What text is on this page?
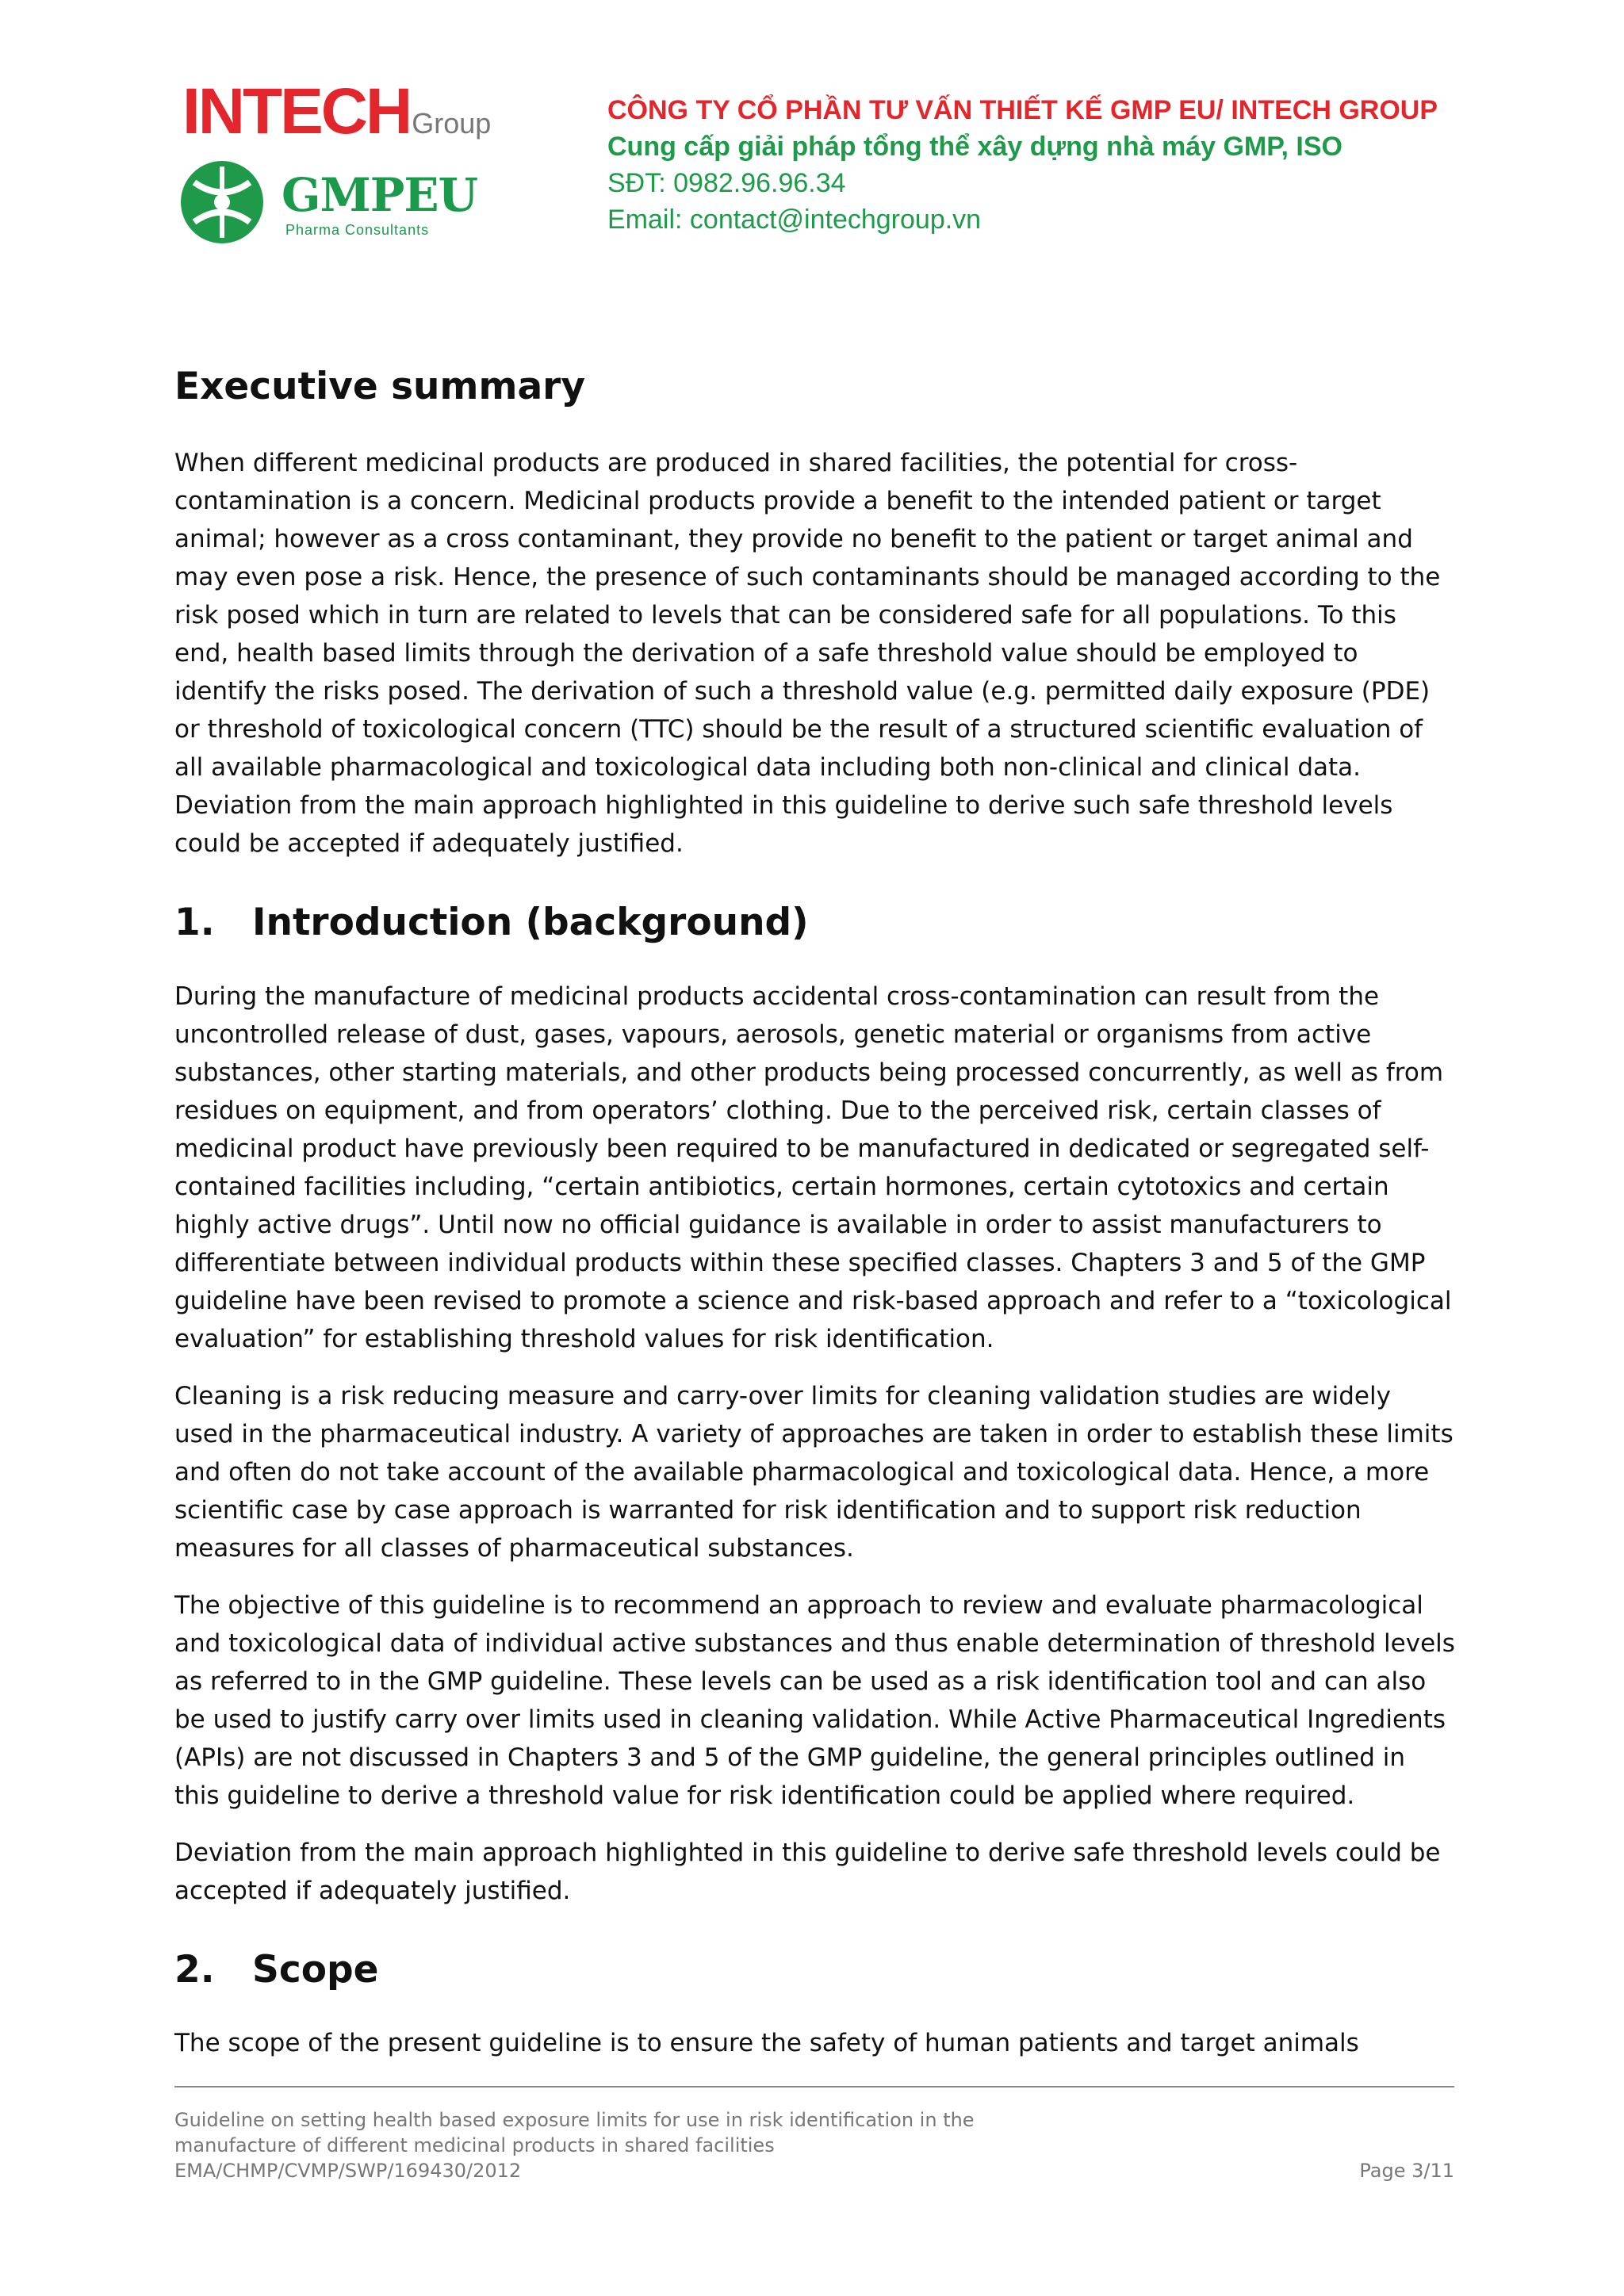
INTECHGroup
GMPEU
Pharma Consultants
CÔNG TY CỔ PHẦN TƯ VẤN THIẾT KẾ GMP EU/ INTECH GROUP
Cung cấp giải pháp tổng thể xây dựng nhà máy GMP, ISO
SĐT: 0982.96.96.34
Email: contact@intechgroup.vn
Executive summary

When different medicinal products are produced in shared facilities, the potential for cross-contamination is a concern. Medicinal products provide a benefit to the intended patient or target animal; however as a cross contaminant, they provide no benefit to the patient or target animal and may even pose a risk. Hence, the presence of such contaminants should be managed according to the risk posed which in turn are related to levels that can be considered safe for all populations. To this end, health based limits through the derivation of a safe threshold value should be employed to identify the risks posed. The derivation of such a threshold value (e.g. permitted daily exposure (PDE) or threshold of toxicological concern (TTC) should be the result of a structured scientific evaluation of all available pharmacological and toxicological data including both non-clinical and clinical data. Deviation from the main approach highlighted in this guideline to derive such safe threshold levels could be accepted if adequately justified.

1.	Introduction (background)

During the manufacture of medicinal products accidental cross-contamination can result from the uncontrolled release of dust, gases, vapours, aerosols, genetic material or organisms from active substances, other starting materials, and other products being processed concurrently, as well as from residues on equipment, and from operators’ clothing. Due to the perceived risk, certain classes of medicinal product have previously been required to be manufactured in dedicated or segregated self-contained facilities including, “certain antibiotics, certain hormones, certain cytotoxics and certain highly active drugs”. Until now no official guidance is available in order to assist manufacturers to differentiate between individual products within these specified classes. Chapters 3 and 5 of the GMP guideline have been revised to promote a science and risk-based approach and refer to a “toxicological evaluation” for establishing threshold values for risk identification.

Cleaning is a risk reducing measure and carry-over limits for cleaning validation studies are widely used in the pharmaceutical industry. A variety of approaches are taken in order to establish these limits and often do not take account of the available pharmacological and toxicological data. Hence, a more scientific case by case approach is warranted for risk identification and to support risk reduction measures for all classes of pharmaceutical substances.

The objective of this guideline is to recommend an approach to review and evaluate pharmacological and toxicological data of individual active substances and thus enable determination of threshold levels as referred to in the GMP guideline. These levels can be used as a risk identification tool and can also be used to justify carry over limits used in cleaning validation. While Active Pharmaceutical Ingredients (APIs) are not discussed in Chapters 3 and 5 of the GMP guideline, the general principles outlined in this guideline to derive a threshold value for risk identification could be applied where required.

Deviation from the main approach highlighted in this guideline to derive safe threshold levels could be accepted if adequately justified.

2.	Scope

The scope of the present guideline is to ensure the safety of human patients and target animals

Guideline on setting health based exposure limits for use in risk identification in the
manufacture of different medicinal products in shared facilities
EMA/CHMP/CVMP/SWP/169430/2012	Page 3/11
